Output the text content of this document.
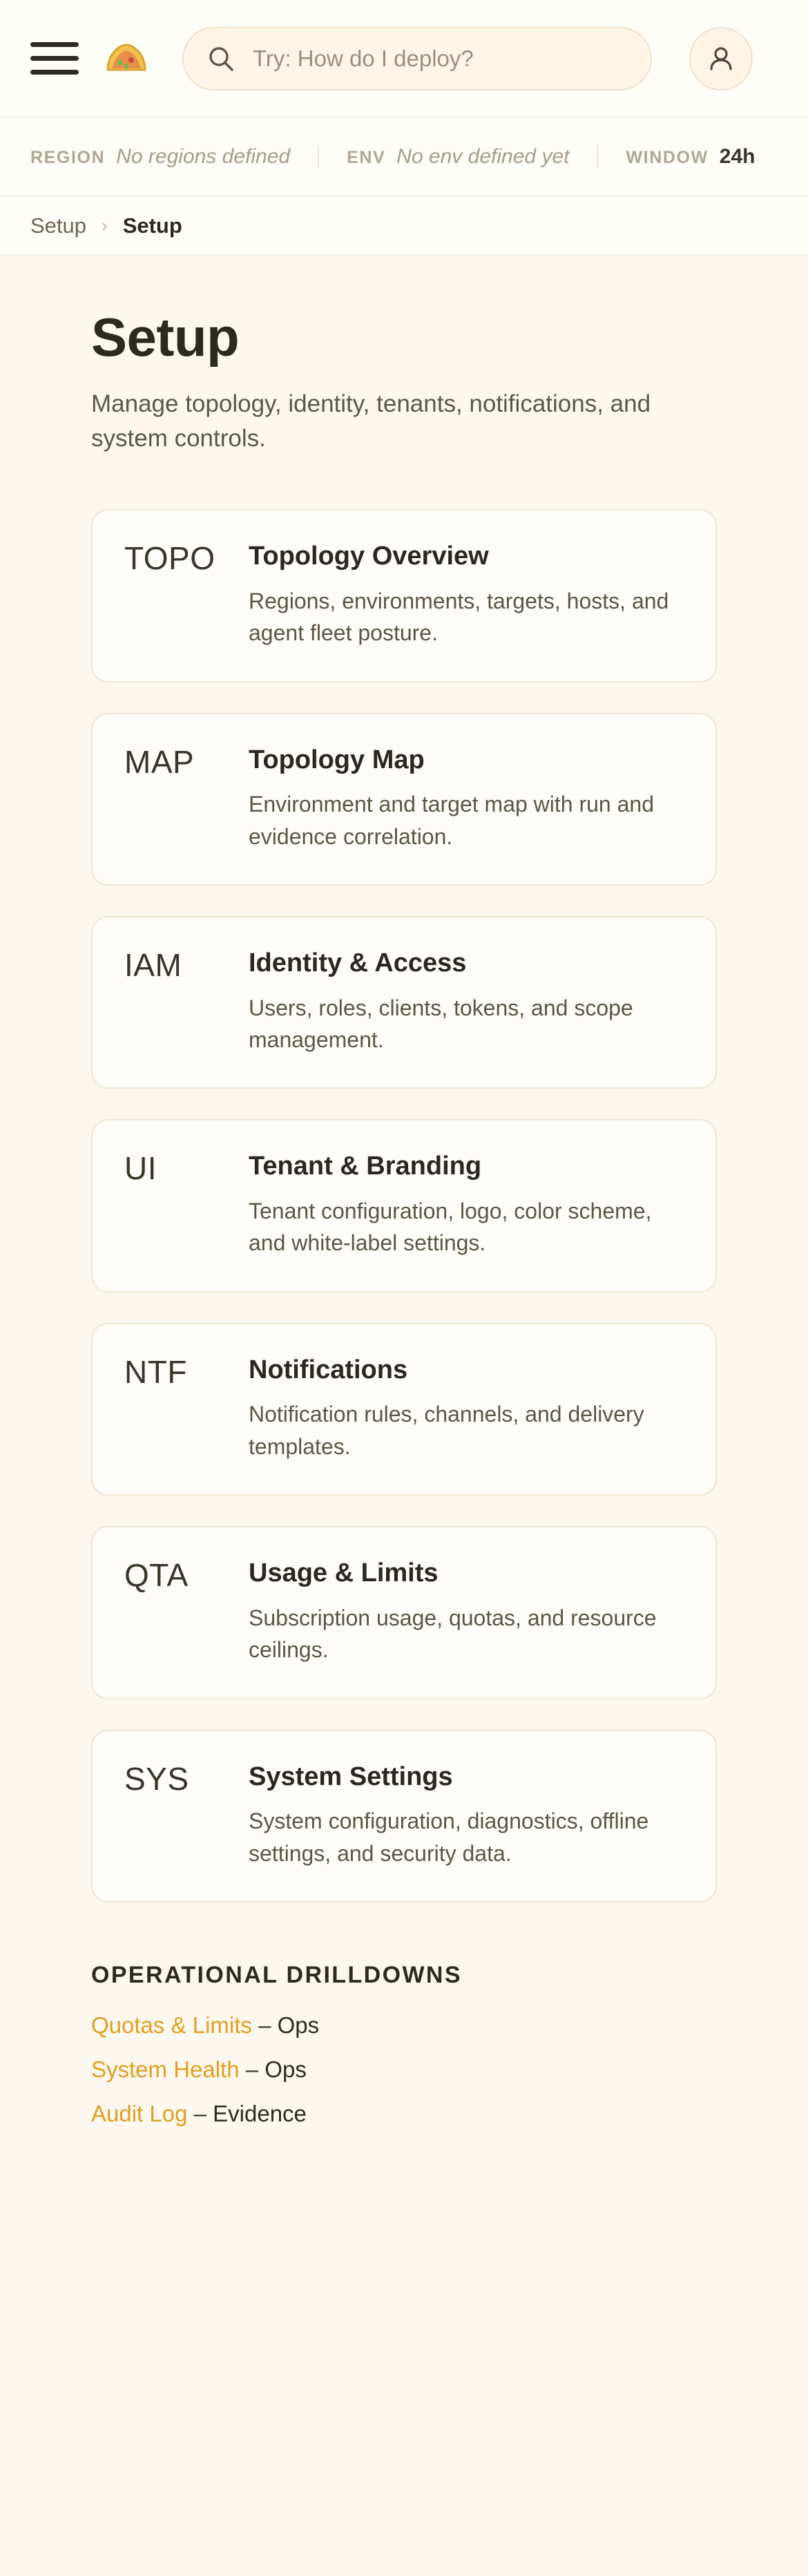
Try: How do I deploy?
REGION No regions defined	ENV No env defined yet	WINDOW 24h
Setup › Setup
Setup

Manage topology, identity, tenants, notifications, and system controls.

TOPO	Topology Overview
Regions, environments, targets, hosts, and agent fleet posture.
MAP	Topology Map
Environment and target map with run and evidence correlation.
IAM	Identity & Access
Users, roles, clients, tokens, and scope management.
UI	Tenant & Branding
Tenant configuration, logo, color scheme, and white-label settings.
NTF	Notifications
Notification rules, channels, and delivery templates.
QTA	Usage & Limits
Subscription usage, quotas, and resource ceilings.
SYS	System Settings
System configuration, diagnostics, offline settings, and security data.
OPERATIONAL DRILLDOWNS
Quotas & Limits – Ops
System Health – Ops
Audit Log – Evidence
